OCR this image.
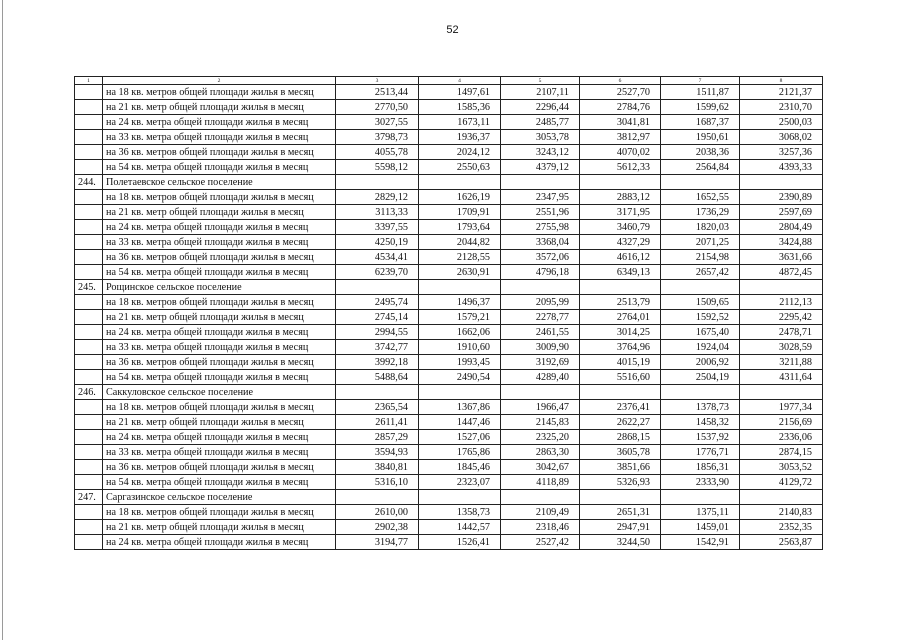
52
1	2	3	4	5	6	7	8
	на 18 кв. метров общей площади жилья в месяц	2513,44	1497,61	2107,11	2527,70	1511,87	2121,37
	на 21 кв. метр общей площади жилья в месяц	2770,50	1585,36	2296,44	2784,76	1599,62	2310,70
	на 24 кв. метра общей площади жилья в месяц	3027,55	1673,11	2485,77	3041,81	1687,37	2500,03
	на 33 кв. метра общей площади жилья в месяц	3798,73	1936,37	3053,78	3812,97	1950,61	3068,02
	на 36 кв. метров общей площади жилья в месяц	4055,78	2024,12	3243,12	4070,02	2038,36	3257,36
	на 54 кв. метра общей площади жилья в месяц	5598,12	2550,63	4379,12	5612,33	2564,84	4393,33
244.	Полетаевское сельское поселение						
	на 18 кв. метров общей площади жилья в месяц	2829,12	1626,19	2347,95	2883,12	1652,55	2390,89
	на 21 кв. метр общей площади жилья в месяц	3113,33	1709,91	2551,96	3171,95	1736,29	2597,69
	на 24 кв. метра общей площади жилья в месяц	3397,55	1793,64	2755,98	3460,79	1820,03	2804,49
	на 33 кв. метра общей площади жилья в месяц	4250,19	2044,82	3368,04	4327,29	2071,25	3424,88
	на 36 кв. метров общей площади жилья в месяц	4534,41	2128,55	3572,06	4616,12	2154,98	3631,66
	на 54 кв. метра общей площади жилья в месяц	6239,70	2630,91	4796,18	6349,13	2657,42	4872,45
245.	Рощинское сельское поселение						
	на 18 кв. метров общей площади жилья в месяц	2495,74	1496,37	2095,99	2513,79	1509,65	2112,13
	на 21 кв. метр общей площади жилья в месяц	2745,14	1579,21	2278,77	2764,01	1592,52	2295,42
	на 24 кв. метра общей площади жилья в месяц	2994,55	1662,06	2461,55	3014,25	1675,40	2478,71
	на 33 кв. метра общей площади жилья в месяц	3742,77	1910,60	3009,90	3764,96	1924,04	3028,59
	на 36 кв. метров общей площади жилья в месяц	3992,18	1993,45	3192,69	4015,19	2006,92	3211,88
	на 54 кв. метра общей площади жилья в месяц	5488,64	2490,54	4289,40	5516,60	2504,19	4311,64
246.	Саккуловское сельское поселение						
	на 18 кв. метров общей площади жилья в месяц	2365,54	1367,86	1966,47	2376,41	1378,73	1977,34
	на 21 кв. метр общей площади жилья в месяц	2611,41	1447,46	2145,83	2622,27	1458,32	2156,69
	на 24 кв. метра общей площади жилья в месяц	2857,29	1527,06	2325,20	2868,15	1537,92	2336,06
	на 33 кв. метра общей площади жилья в месяц	3594,93	1765,86	2863,30	3605,78	1776,71	2874,15
	на 36 кв. метров общей площади жилья в месяц	3840,81	1845,46	3042,67	3851,66	1856,31	3053,52
	на 54 кв. метра общей площади жилья в месяц	5316,10	2323,07	4118,89	5326,93	2333,90	4129,72
247.	Саргазинское сельское поселение						
	на 18 кв. метров общей площади жилья в месяц	2610,00	1358,73	2109,49	2651,31	1375,11	2140,83
	на 21 кв. метр общей площади жилья в месяц	2902,38	1442,57	2318,46	2947,91	1459,01	2352,35
	на 24 кв. метра общей площади жилья в месяц	3194,77	1526,41	2527,42	3244,50	1542,91	2563,87
